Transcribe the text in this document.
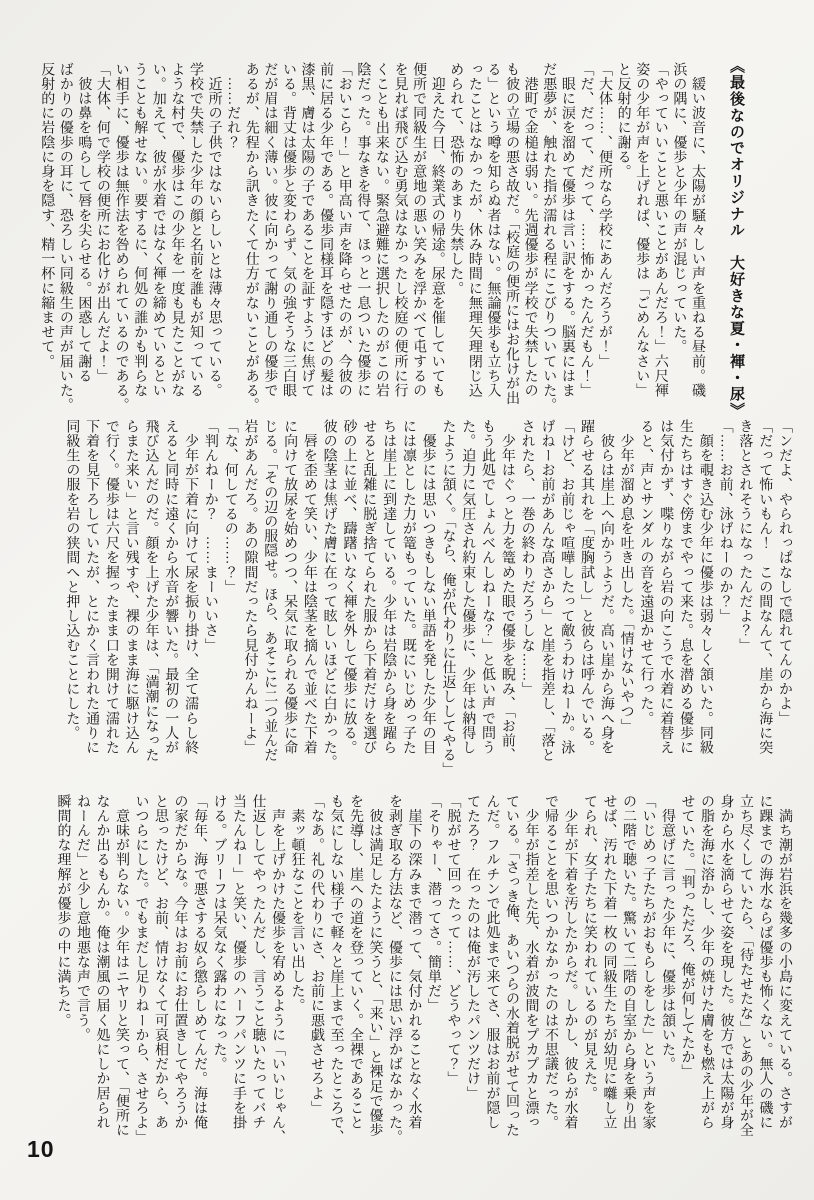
《最後なのでオリジナル　大好きな夏・褌・尿》
　緩い波音に、太陽が騒々しい声を重ねる昼前。磯
浜の隅に、優歩と少年の声が混じっていた。
「やっていいことと悪いことがあんだろ！」六尺褌
姿の少年が声を上げれば、優歩は「ごめんなさい」
と反射的に謝る。
「大体……、便所なら学校にあんだろうが！」
「だ、だって、だって、……怖かったんだもん！」
　眼に涙を溜めて優歩は言い訳をする。脳裏にはま
だ悪夢が、触れた指が濡れる程にこびりついていた。
　港町で金槌は弱い。先週優歩が学校で失禁したの
も彼の立場の悪さ故だ。「校庭の便所にはお化けが出
る」という噂を知らぬ者はない。無論優歩も立ち入
ったことはなかったが、休み時間に無理矢理閉じ込
められて、恐怖のあまり失禁した。
　迎えた今日、終業式の帰途。尿意を催していても
便所で同級生が意地の悪い笑みを浮かべて屯するの
を見れば飛び込む勇気はなかったし校庭の便所に行
くことも出来ない。緊急避難に選択したのがこの岩
陰だった。事なきを得て、ほっと一息ついた優歩に
「おいこら！」と甲高い声を降らせたのが、今彼の
前に居る少年である。優歩同様耳を隠すほどの髪は
漆黒、膚は太陽の子であることを証すように焦げて
いる。背丈は優歩と変わらず、気の強そうな三白眼
だが眉は細く薄い。彼に向かって謝り通しの優歩で
あるが、先程から訊きたくて仕方がないことがある。
　……だれ？
　近所の子供ではないらしいとは薄々思っている。
学校で失禁した少年の顔と名前を誰もが知っている
ような村で、優歩はこの少年を一度も見たことがな
い。加えて、彼が水着ではなく褌を締めているとい
うことも解せない。要するに、何処の誰かも判らな
い相手に、優歩は無作法を咎められているのである。
「大体、何で学校の便所にお化けが出んだよ！」
　彼は鼻を鳴らして唇を尖らせる。困惑して謝る
ばかりの優歩の耳に、恐ろしい同級生の声が届いた。
反射的に岩陰に身を隠す、精一杯に縮ませて。
「ンだよ、やられっぱなしで隠れてんのかよ」
「だって怖いもん！　この間なんて、崖から海に突
き落とされそうになったんだよ？」
「……お前、泳げねーのか？」
　顔を覗き込む少年に優歩は弱々しく頷いた。同級
生たちはすぐ傍までやって来た。息を潜める優歩に
は気付かず、喋りながら岩の向こうで水着に着替え
ると、声とサンダルの音を遠退かせて行った。
　少年が溜め息を吐き出した。「情けないやつ」
　彼らは崖上へ向かうようだ。高い崖から海へ身を
躍らせる其れを「度胸試し」と彼らは呼んでいる。
「けど、お前じゃ喧嘩したって敵うわけねーか。泳
げねーお前があんな高さから」と崖を指差し、「落と
されたら、一巻の終わりだろうしな……」
　少年はぐっと力を篭めた眼で優歩を睨み、「お前、
もう此処でしょんべんしねーな？」と低い声で問う
た。迫力に気圧され約束した優歩に、少年は納得し
たように頷く。「なら、俺が代わりに仕返ししてやる」
　優歩には思いつきもしない単語を発した少年の目
には凛とした力が篭もっていた。既にいじめっ子た
ちは崖上に到達している。少年は岩陰から身を躍ら
せると乱雑に脱ぎ捨てられた服から下着だけを選び
砂の上に並べ、躊躇いなく褌を外して優歩に放る。
彼の陰茎は焦げた膚に在って眩しいほどに白かった。
　唇を歪めて笑い、少年は陰茎を摘んで並べた下着
に向けて放尿を始めつつ、呆気に取られる優歩に命
じる。「その辺の服隠せ。ほら、あそこに二つ並んだ
岩があんだろ。あの隙間だったら見付かんねーよ」
「な、何してるの……？」
「判んねーか？　……まーいいさ」
　少年が下着に向けて尿を振り掛け、全て濡らし終
えると同時に遠くから水音が響いた。最初の一人が
飛び込んだのだ。顔を上げた少年は、「満潮になった
らまた来い」と言い残すや、裸のまま海に駆け込ん
で行く。優歩は六尺を握ったまま口を開けて濡れた
下着を見下ろしていたが、とにかく言われた通りに
同級生の服を岩の狭間へと押し込むことにした。
　満ち潮が岩浜を幾多の小島に変えている。さすが
に踝までの海水ならば優歩も怖くない。無人の磯に
立ち尽くしていたら、「待たせたな」とあの少年が全
身から水を滴らせて姿を現した。彼方では太陽が身
の脂を海に溶かし、少年の焼けた膚をも燃え上がら
せていた。「判っただろ、俺が何してたか」
　得意げに言った少年に、優歩は頷いた。
「いじめっ子たちがおもらしをした」という声を家
の二階で聴いた。驚いて二階の自室から身を乗り出
せば、汚れた下着一枚の同級生たちが幼児に囃し立
てられ、女子たちに笑われているのが見えた。
　少年が下着を汚したからだ。しかし、彼らが水着
で帰ることを思いつかなかったのは不思議だった。
　少年が指差した先、水着が波間をプカプカと漂っ
ている。「さっき俺、あいつらの水着脱がせて回った
んだ。フルチンで此処まで来てさ、服はお前が隠し
てたろ？　在ったのは俺が汚したパンツだけ」
「脱がせて回ったって……、どうやって？」
「そりゃー、潜ってさ。簡単だ」
　崖下の深みまで潜って、気付かれることなく水着
を剥ぎ取る方法など、優歩には思い浮かばなかった。
　彼は満足したように笑うと、「来い」と裸足で優歩
を先導し、崖への道を登っていく。全裸であること
も気にしない様子で軽々と崖上まで至ったところで、
「なあ。礼の代わりにさ、お前に悪戯させろよ」
　素ッ頓狂なことを言い出した。
　声を上げかけた優歩を宥めるように「いいじゃん、
仕返ししてやったんだし、言うこと聴いたってバチ
当たんねー」と笑い、優歩のハーフパンツに手を掛
ける。ブリーフは呆気なく露わになった。
「毎年、海で悪さする奴ら懲らしめてんだ。海は俺
の家だからな。今年はお前にお仕置きしてやろうか
と思ったけど、お前、情けなくて可哀相だから、あ
いつらにした。でもまだし足りねーから、させろよ」
　意味が判らない。少年はニヤリと笑って、「便所に
なんか出るもんか。俺は潮風の届く処にしか居られ
ねーんだ」と少し意地悪な声で言う。
瞬間的な理解が優歩の中に満ちた。
10
